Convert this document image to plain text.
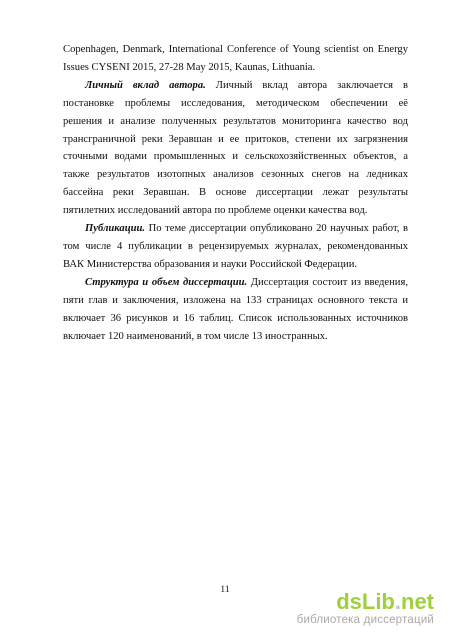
Copenhagen, Denmark, International Conference of Young scientist on Energy Issues CYSENI 2015, 27-28 May 2015, Kaunas, Lithuania.

Личный вклад автора. Личный вклад автора заключается в постановке проблемы исследования, методическом обеспечении её решения и анализе полученных результатов мониторинга качество вод трансграничной реки Зеравшан и ее притоков, степени их загрязнения сточными водами промышленных и сельскохозяйственных объектов, а также результатов изотопных анализов сезонных снегов на ледниках бассейна реки Зеравшан. В основе диссертации лежат результаты пятилетних исследований автора по проблеме оценки качества вод.

Публикации. По теме диссертации опубликовано 20 научных работ, в том числе 4 публикации в рецензируемых журналах, рекомендованных ВАК Министерства образования и науки Российской Федерации.

Структура и объем диссертации. Диссертация состоит из введения, пяти глав и заключения, изложена на 133 страницах основного текста и включает 36 рисунков и 16 таблиц. Список использованных источников включает 120 наименований, в том числе 13 иностранных.

11	dsLib.net
библиотека диссертаций
